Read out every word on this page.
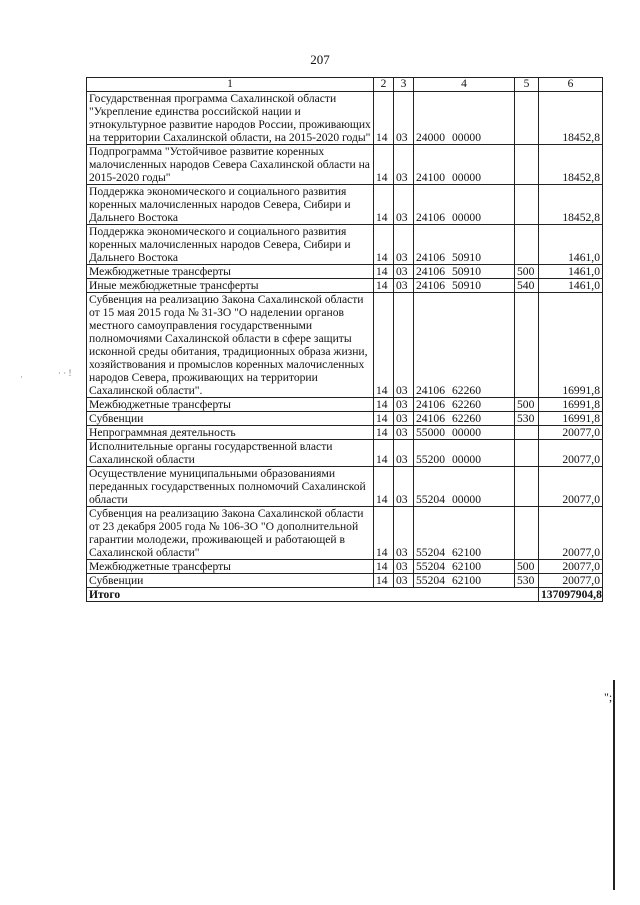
207
·	· · !
1	2	3	4	5	6
Государственная программа Сахалинской области "Укрепление единства российской нации и этнокультурное развитие народов России, проживающих на территории Сахалинской области, на 2015-2020 годы"	14	03	24000 00000		18452,8
Подпрограмма "Устойчивое развитие коренных малочисленных народов Севера Сахалинской области на 2015-2020 годы"	14	03	24100 00000		18452,8
Поддержка экономического и социального развития коренных малочисленных народов Севера, Сибири и Дальнего Востока	14	03	24106 00000		18452,8
Поддержка экономического и социального развития коренных малочисленных народов Севера, Сибири и Дальнего Востока	14	03	24106 50910		1461,0
Межбюджетные трансферты	14	03	24106 50910	500	1461,0
Иные межбюджетные трансферты	14	03	24106 50910	540	1461,0
Субвенция на реализацию Закона Сахалинской области от 15 мая 2015 года № 31-ЗО "О наделении органов местного самоуправления государственными полномочиями Сахалинской области в сфере защиты исконной среды обитания, традиционных образа жизни, хозяйствования и промыслов коренных малочисленных народов Севера, проживающих на территории Сахалинской области".	14	03	24106 62260		16991,8
Межбюджетные трансферты	14	03	24106 62260	500	16991,8
Субвенции	14	03	24106 62260	530	16991,8
Непрограммная деятельность	14	03	55000 00000		20077,0
Исполнительные органы государственной власти Сахалинской области	14	03	55200 00000		20077,0
Осуществление муниципальными образованиями переданных государственных полномочий Сахалинской области	14	03	55204 00000		20077,0
Субвенция на реализацию Закона Сахалинской области от 23 декабря 2005 года № 106-ЗО "О дополнительной гарантии молодежи, проживающей и работающей в Сахалинской области"	14	03	55204 62100		20077,0
Межбюджетные трансферты	14	03	55204 62100	500	20077,0
Субвенции	14	03	55204 62100	530	20077,0
Итого					137097904,8
";
